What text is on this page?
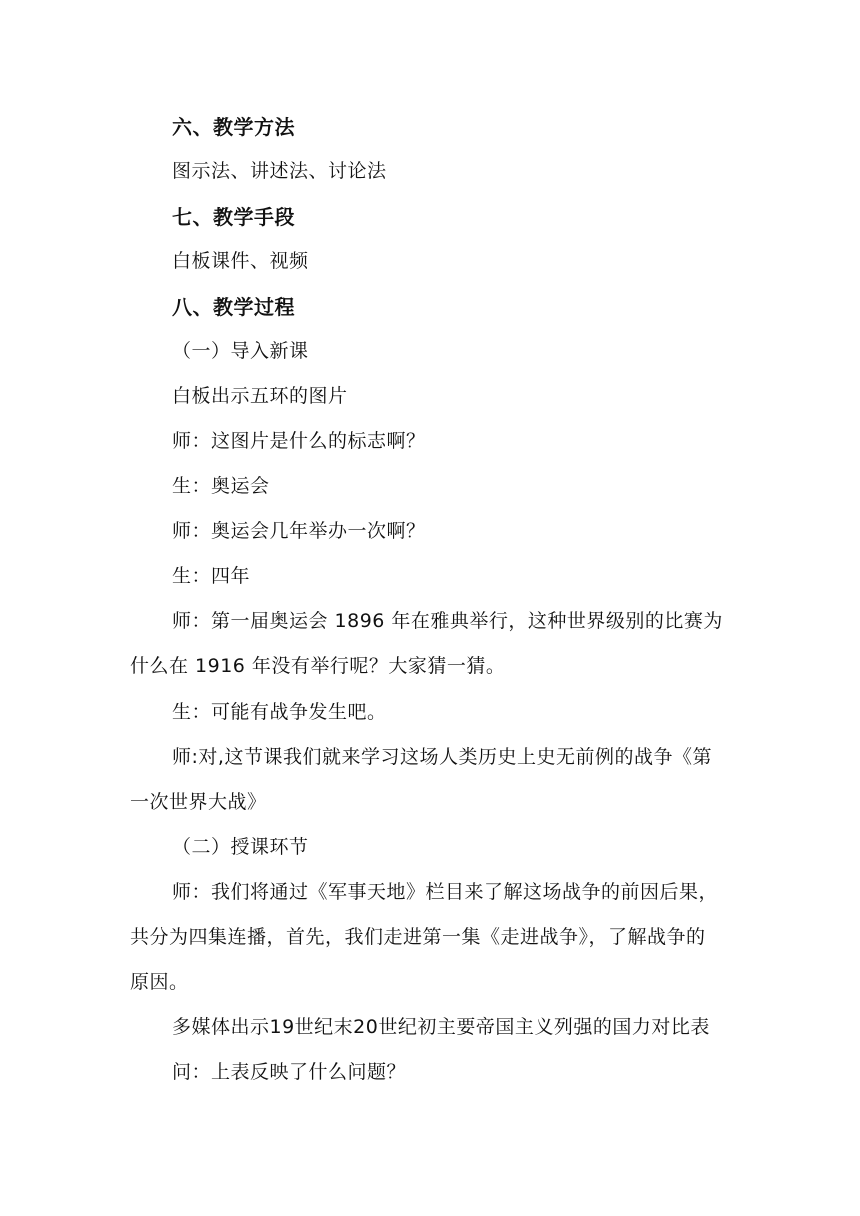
六、教学方法
图示法、讲述法、讨论法
七、教学手段
白板课件、视频
八、教学过程
（一）导入新课
白板出示五环的图片
师：这图片是什么的标志啊？
生：奥运会
师：奥运会几年举办一次啊？
生：四年
师：第一届奥运会 1896 年在雅典举行，这种世界级别的比赛为
什么在 1916 年没有举行呢？大家猜一猜。
生：可能有战争发生吧。
师:对,这节课我们就来学习这场人类历史上史无前例的战争《第
一次世界大战》
（二）授课环节
师：我们将通过《军事天地》栏目来了解这场战争的前因后果，
共分为四集连播，首先，我们走进第一集《走进战争》，了解战争的
原因。
多媒体出示19世纪末20世纪初主要帝国主义列强的国力对比表
问：上表反映了什么问题？
